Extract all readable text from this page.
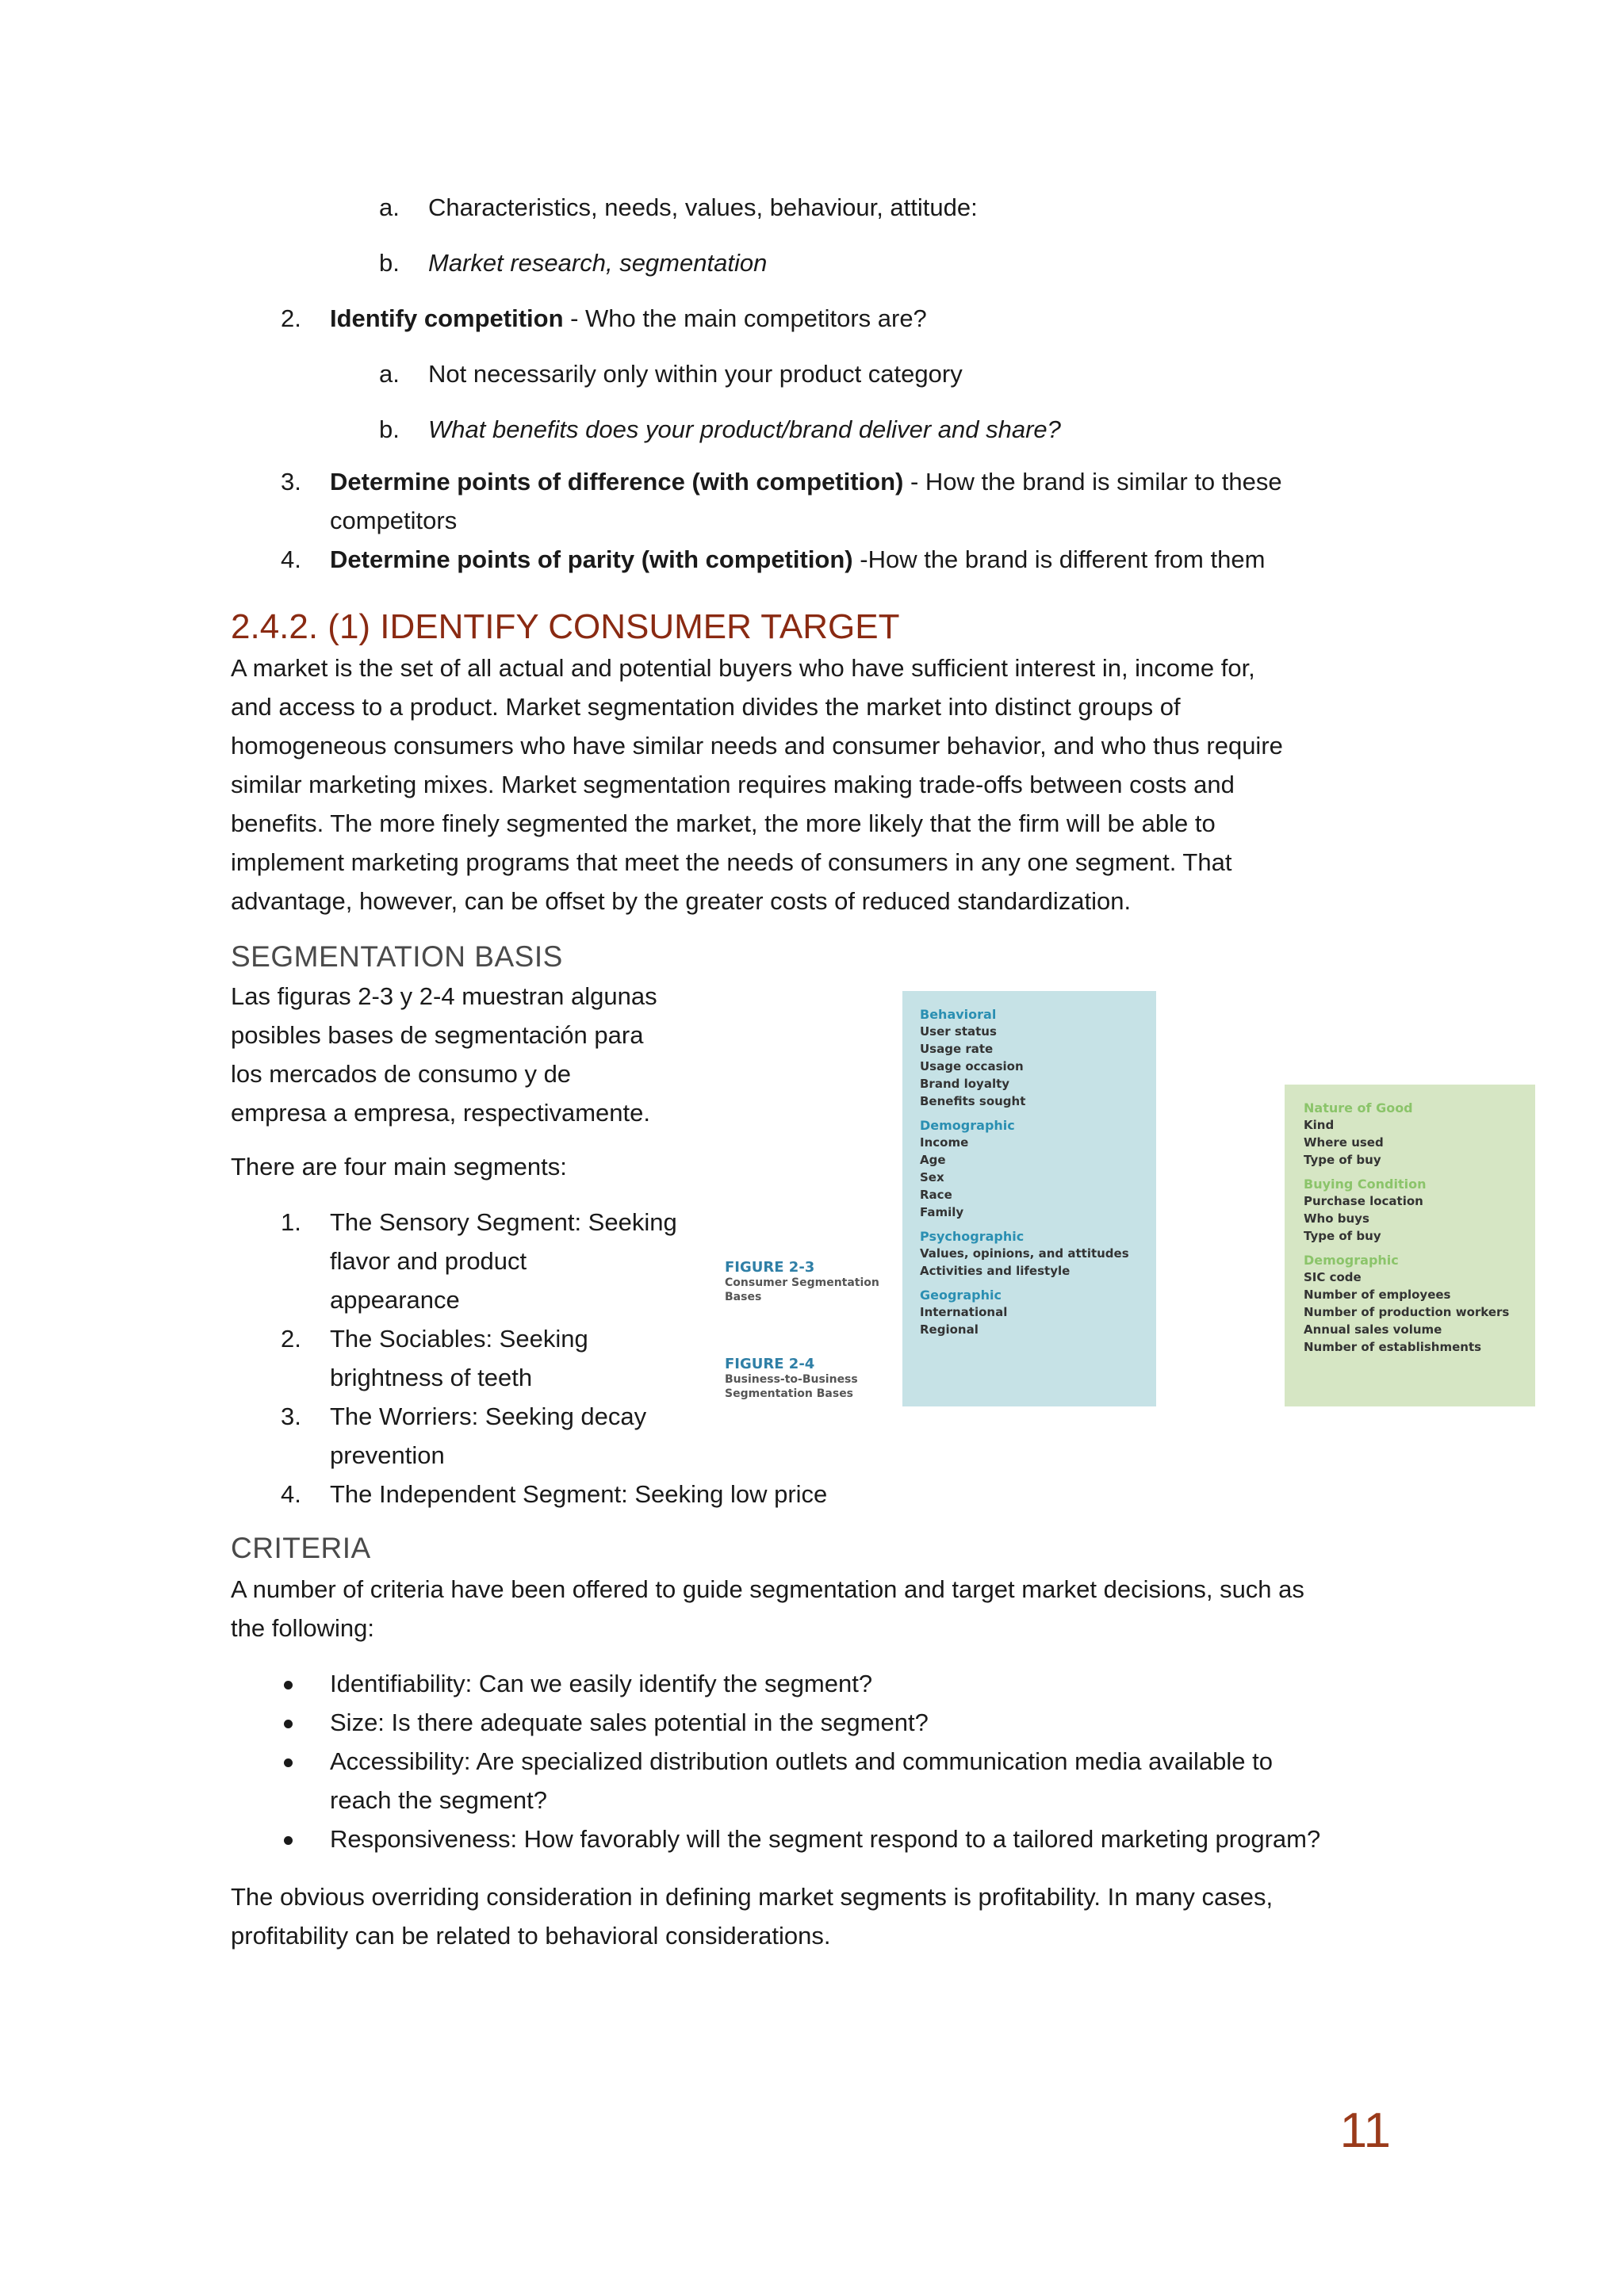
a. Characteristics, needs, values, behaviour, attitude:
b. Market research, segmentation
2. Identify competition - Who the main competitors are?
a. Not necessarily only within your product category
b. What benefits does your product/brand deliver and share?
3. Determine points of difference (with competition) - How the brand is similar to these
competitors
4. Determine points of parity (with competition) -How the brand is different from them
2.4.2. (1) IDENTIFY CONSUMER TARGET
A market is the set of all actual and potential buyers who have sufficient interest in, income for,
and access to a product. Market segmentation divides the market into distinct groups of
homogeneous consumers who have similar needs and consumer behavior, and who thus require
similar marketing mixes. Market segmentation requires making trade-offs between costs and
benefits. The more finely segmented the market, the more likely that the firm will be able to
implement marketing programs that meet the needs of consumers in any one segment. That
advantage, however, can be offset by the greater costs of reduced standardization.
SEGMENTATION BASIS
Las figuras 2-3 y 2-4 muestran algunas
posibles bases de segmentación para
los mercados de consumo y de
empresa a empresa, respectivamente.
There are four main segments:
1. The Sensory Segment: Seeking
flavor and product
appearance
2. The Sociables: Seeking
brightness of teeth
3. The Worriers: Seeking decay
prevention
4. The Independent Segment: Seeking low price
FIGURE 2-3
Consumer Segmentation
Bases
FIGURE 2-4
Business-to-Business
Segmentation Bases
Behavioral
User status
Usage rate
Usage occasion
Brand loyalty
Benefits sought
Demographic
Income
Age
Sex
Race
Family
Psychographic
Values, opinions, and attitudes
Activities and lifestyle
Geographic
International
Regional
Nature of Good
Kind
Where used
Type of buy
Buying Condition
Purchase location
Who buys
Type of buy
Demographic
SIC code
Number of employees
Number of production workers
Annual sales volume
Number of establishments
CRITERIA
A number of criteria have been offered to guide segmentation and target market decisions, such as
the following:
Identifiability: Can we easily identify the segment?
Size: Is there adequate sales potential in the segment?
Accessibility: Are specialized distribution outlets and communication media available to
reach the segment?
Responsiveness: How favorably will the segment respond to a tailored marketing program?
The obvious overriding consideration in defining market segments is profitability. In many cases,
profitability can be related to behavioral considerations.
11
